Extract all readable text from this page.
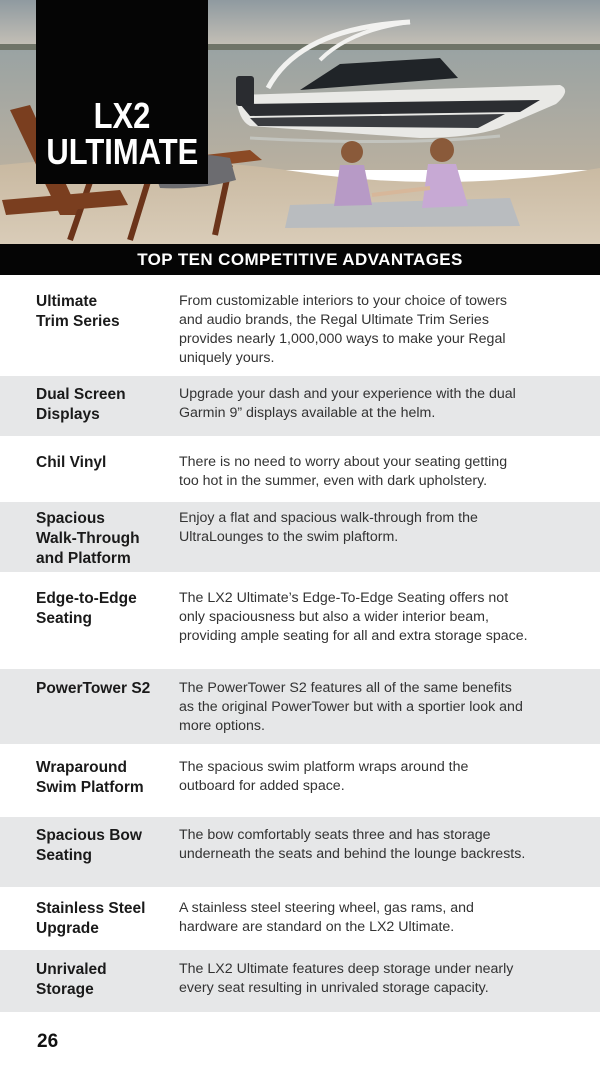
LX2
ULTIMATE
TOP TEN COMPETITIVE ADVANTAGES
Ultimate
Trim Series
From customizable interiors to your choice of towers
and audio brands, the Regal Ultimate Trim Series
provides nearly 1,000,000 ways to make your Regal
uniquely yours.
Dual Screen
Displays
Upgrade your dash and your experience with the dual
Garmin 9” displays available at the helm.
Chil Vinyl	There is no need to worry about your seating getting
too hot in the summer, even with dark upholstery.
Spacious
Walk-Through
and Platform
Enjoy a flat and spacious walk-through from the
UltraLounges to the swim plaftorm.
Edge-to-Edge
Seating
The LX2 Ultimate’s Edge-To-Edge Seating offers not
only spaciousness but also a wider interior beam,
providing ample seating for all and extra storage space.
PowerTower S2	The PowerTower S2 features all of the same benefits
as the original PowerTower but with a sportier look and
more options.
Wraparound
Swim Platform
The spacious swim platform wraps around the
outboard for added space.
Spacious Bow
Seating
The bow comfortably seats three and has storage
underneath the seats and behind the lounge backrests.
Stainless Steel
Upgrade
A stainless steel steering wheel, gas rams, and
hardware are standard on the LX2 Ultimate.
Unrivaled
Storage
The LX2 Ultimate features deep storage under nearly
every seat resulting in unrivaled storage capacity.
26
